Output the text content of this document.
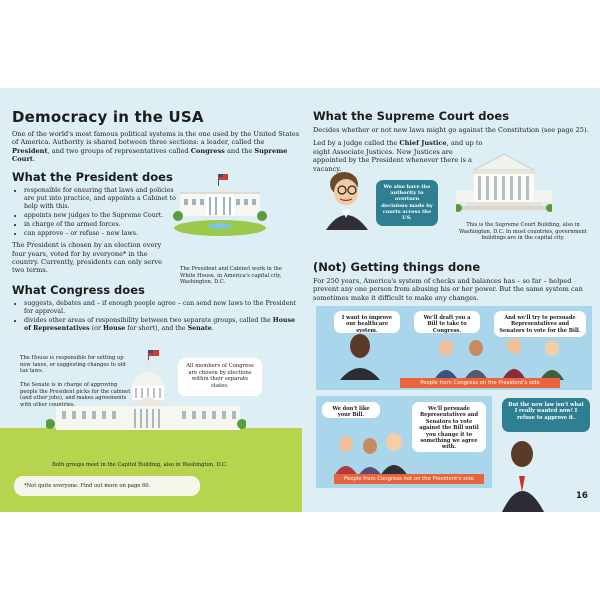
Democracy in the USA

One of the world's most famous political systems is the one used by the United States of America. Authority is shared between three sections: a leader, called the President, and two groups of representatives called Congress and the Supreme Court.

What the President does
• responsible for ensuring that laws and policies are put into practice, and appoints a Cabinet to help with this.
• appoints new judges to the Supreme Court.
• in charge of the armed forces.
• can approve – or refuse – new laws.

The President is chosen by an election every four years, voted for by everyone* in the country. Currently, presidents can only serve two terms.

What Congress does
• suggests, debates and – if enough people agree – can send new laws to the President for approval.
• divides other areas of responsibility between two separate groups, called the House of Representatives (or House for short), and the Senate.
The President and Cabinet work in the White House, in America's capital city, Washington, D.C.
The House is responsible for setting up new taxes, or suggesting changes to old tax laws.
The Senate is in charge of approving people the President picks for the cabinet (and other jobs), and makes agreements with other countries.
All members of Congress are chosen by elections within their separate states.
Both groups meet in the Capitol Building, also in Washington, D.C.
*Not quite everyone. Find out more on page 60.
What the Supreme Court does

Decides whether or not new laws might go against the Constitution (see page 25).

Led by a judge called the Chief Justice, and up to eight Associate Justices. New Justices are appointed by the President whenever there is a vacancy.

We also have the authority to overturn decisions made by courts across the US.
This is the Supreme Court Building, also in Washington, D.C. In most countries, government buildings are in the capital city.
(Not) Getting things done

For 250 years, America's system of checks and balances has – so far – helped prevent any one person from abusing his or her power. But the same system can sometimes make it difficult to make any changes.

I want to improve our healthcare system.
We'll draft you a Bill to take to Congress.
And we'll try to persuade Representatives and Senators to vote for the Bill.
People from Congress on the President's side
We don't like your Bill.
We'll persuade Representatives and Senators to vote against the Bill until you change it to something we agree with.
People from Congress not on the President's side
But the new law isn't what I really wanted now! I refuse to approve it.
16
